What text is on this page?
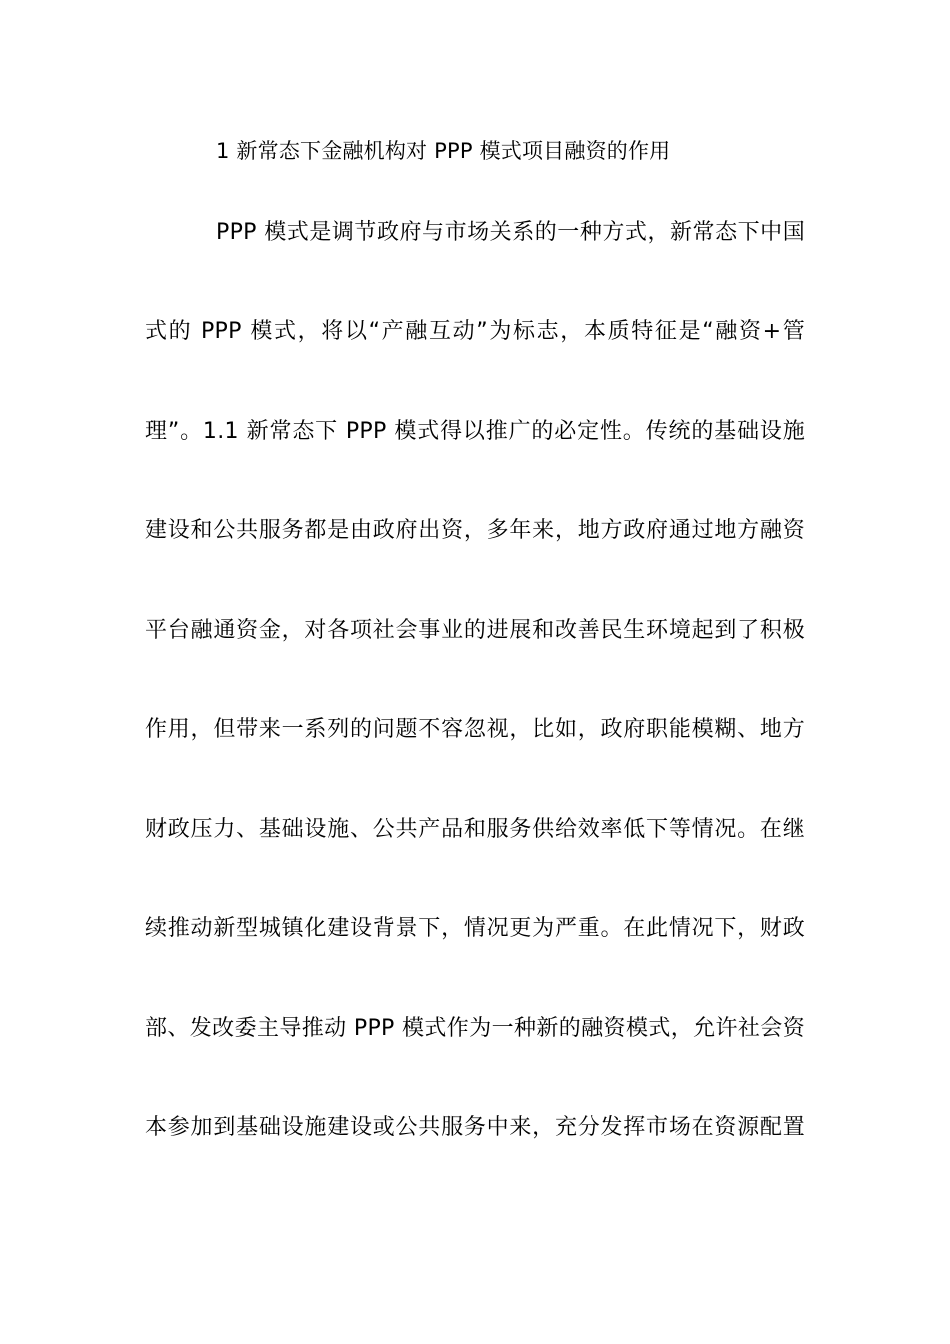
1 新常态下金融机构对 PPP 模式项目融资的作用
PPP 模式是调节政府与市场关系的一种方式，新常态下中国
式的 PPP 模式，将以“产融互动”为标志，本质特征是“融资+管
理”。1.1 新常态下 PPP 模式得以推广的必定性。传统的基础设施
建设和公共服务都是由政府出资，多年来，地方政府通过地方融资
平台融通资金，对各项社会事业的进展和改善民生环境起到了积极
作用，但带来一系列的问题不容忽视，比如，政府职能模糊、地方
财政压力、基础设施、公共产品和服务供给效率低下等情况。在继
续推动新型城镇化建设背景下，情况更为严重。在此情况下，财政
部、发改委主导推动 PPP 模式作为一种新的融资模式，允许社会资
本参加到基础设施建设或公共服务中来，充分发挥市场在资源配置
